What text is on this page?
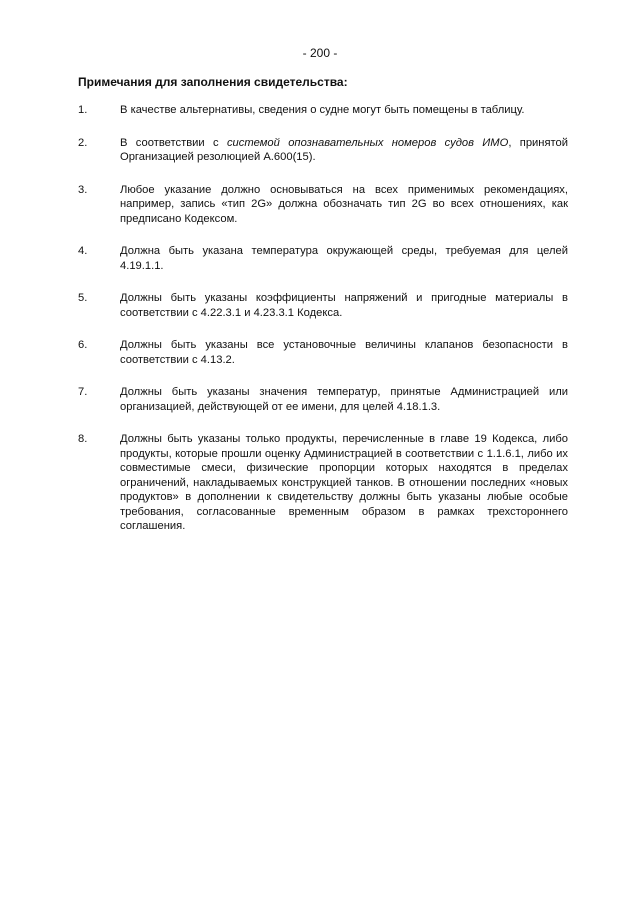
- 200 -
Примечания для заполнения свидетельства:
1.	В качестве альтернативы, сведения о судне могут быть помещены в таблицу.
2.	В соответствии с системой опознавательных номеров судов ИМО, принятой Организацией резолюцией A.600(15).
3.	Любое указание должно основываться на всех применимых рекомендациях, например, запись «тип 2G» должна обозначать тип 2G во всех отношениях, как предписано Кодексом.
4.	Должна быть указана температура окружающей среды, требуемая для целей 4.19.1.1.
5.	Должны быть указаны коэффициенты напряжений и пригодные материалы в соответствии с 4.22.3.1 и 4.23.3.1 Кодекса.
6.	Должны быть указаны все установочные величины клапанов безопасности в соответствии с 4.13.2.
7.	Должны быть указаны значения температур, принятые Администрацией или организацией, действующей от ее имени, для целей 4.18.1.3.
8.	Должны быть указаны только продукты, перечисленные в главе 19 Кодекса, либо продукты, которые прошли оценку Администрацией в соответствии с 1.1.6.1, либо их совместимые смеси, физические пропорции которых находятся в пределах ограничений, накладываемых конструкцией танков. В отношении последних «новых продуктов» в дополнении к свидетельству должны быть указаны любые особые требования, согласованные временным образом в рамках трехстороннего соглашения.
